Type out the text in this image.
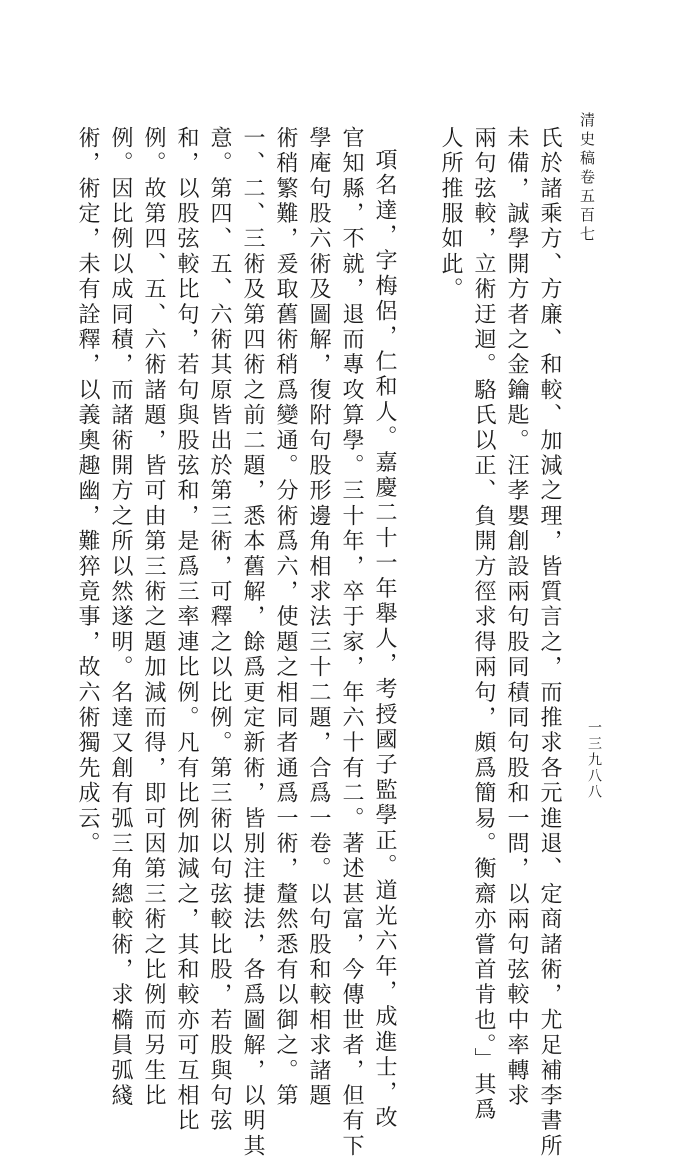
清史稿卷五百七
一三九八八
氏於諸乘方、方廉、和較、加減之理，皆質言之，而推求各元進退、定商諸術，尤足補李書所
未備，誠學開方者之金鑰匙。汪孝嬰創設兩句股同積同句股和一問，以兩句弦較中率轉求
兩句弦較，立術迂迴。駱氏以正、負開方徑求得兩句，頗爲簡易。衡齋亦嘗首肯也。」其爲
人所推服如此。
項名達，字梅侶，仁和人。嘉慶二十一年舉人，考授國子監學正。道光六年，成進士，改
官知縣，不就，退而專攻算學。三十年，卒于家，年六十有二。著述甚富，今傳世者，但有下
學庵句股六術及圖解，復附句股形邊角相求法三十二題，合爲一卷。以句股和較相求諸題
術稍繁難，爰取舊術稍爲變通。分術爲六，使題之相同者通爲一術，釐然悉有以御之。第
一、二、三術及第四術之前二題，悉本舊解，餘爲更定新術，皆別注捷法，各爲圖解，以明其
意。第四、五、六術其原皆出於第三術，可釋之以比例。第三術以句弦較比股，若股與句弦
和，以股弦較比句，若句與股弦和，是爲三率連比例。凡有比例加減之，其和較亦可互相比
例。故第四、五、六術諸題，皆可由第三術之題加減而得，即可因第三術之比例而另生比
例。因比例以成同積，而諸術開方之所以然遂明。名達又創有弧三角總較術，求橢員弧綫
術，術定，未有詮釋，以義奧趣幽，難猝竟事，故六術獨先成云。
